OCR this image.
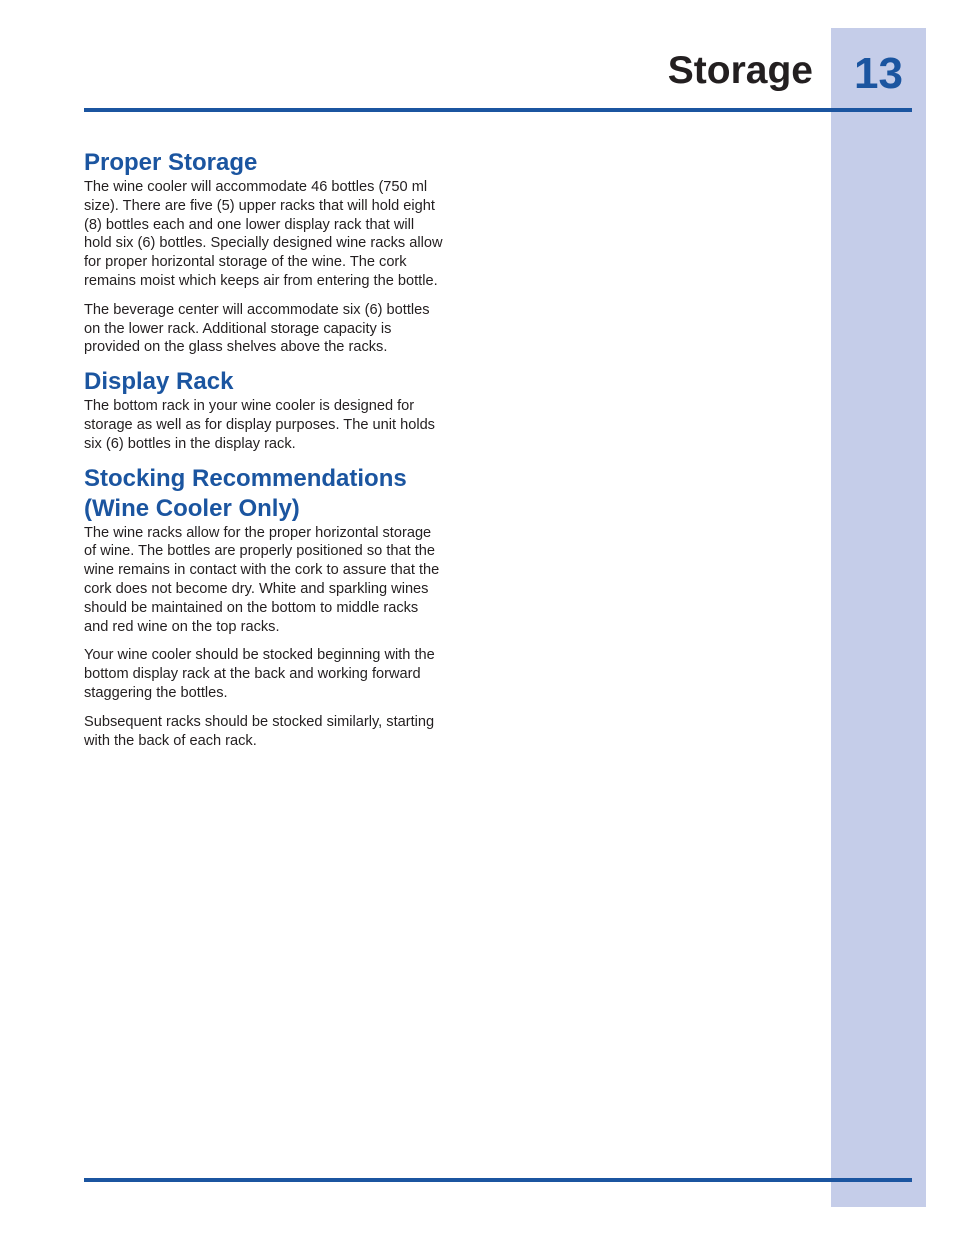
13
Storage
Proper Storage

The wine cooler will accommodate 46 bottles (750 ml size). There are five (5) upper racks that will hold eight (8) bottles each and one lower display rack that will hold six (6) bottles. Specially designed wine racks allow for proper horizontal storage of the wine. The cork remains moist which keeps air from entering the bottle.

The beverage center will accommodate six (6) bottles on the lower rack. Additional storage capacity is provided on the glass shelves above the racks.

Display Rack

The bottom rack in your wine cooler is designed for storage as well as for display purposes. The unit holds six (6) bottles in the display rack.

Stocking Recommendations (Wine Cooler Only)

The wine racks allow for the proper horizontal storage of wine. The bottles are properly positioned so that the wine remains in contact with the cork to assure that the cork does not become dry. White and sparkling wines should be maintained on the bottom to middle racks and red wine on the top racks.

Your wine cooler should be stocked beginning with the bottom display rack at the back and working forward staggering the bottles.

Subsequent racks should be stocked similarly, starting with the back of each rack.
